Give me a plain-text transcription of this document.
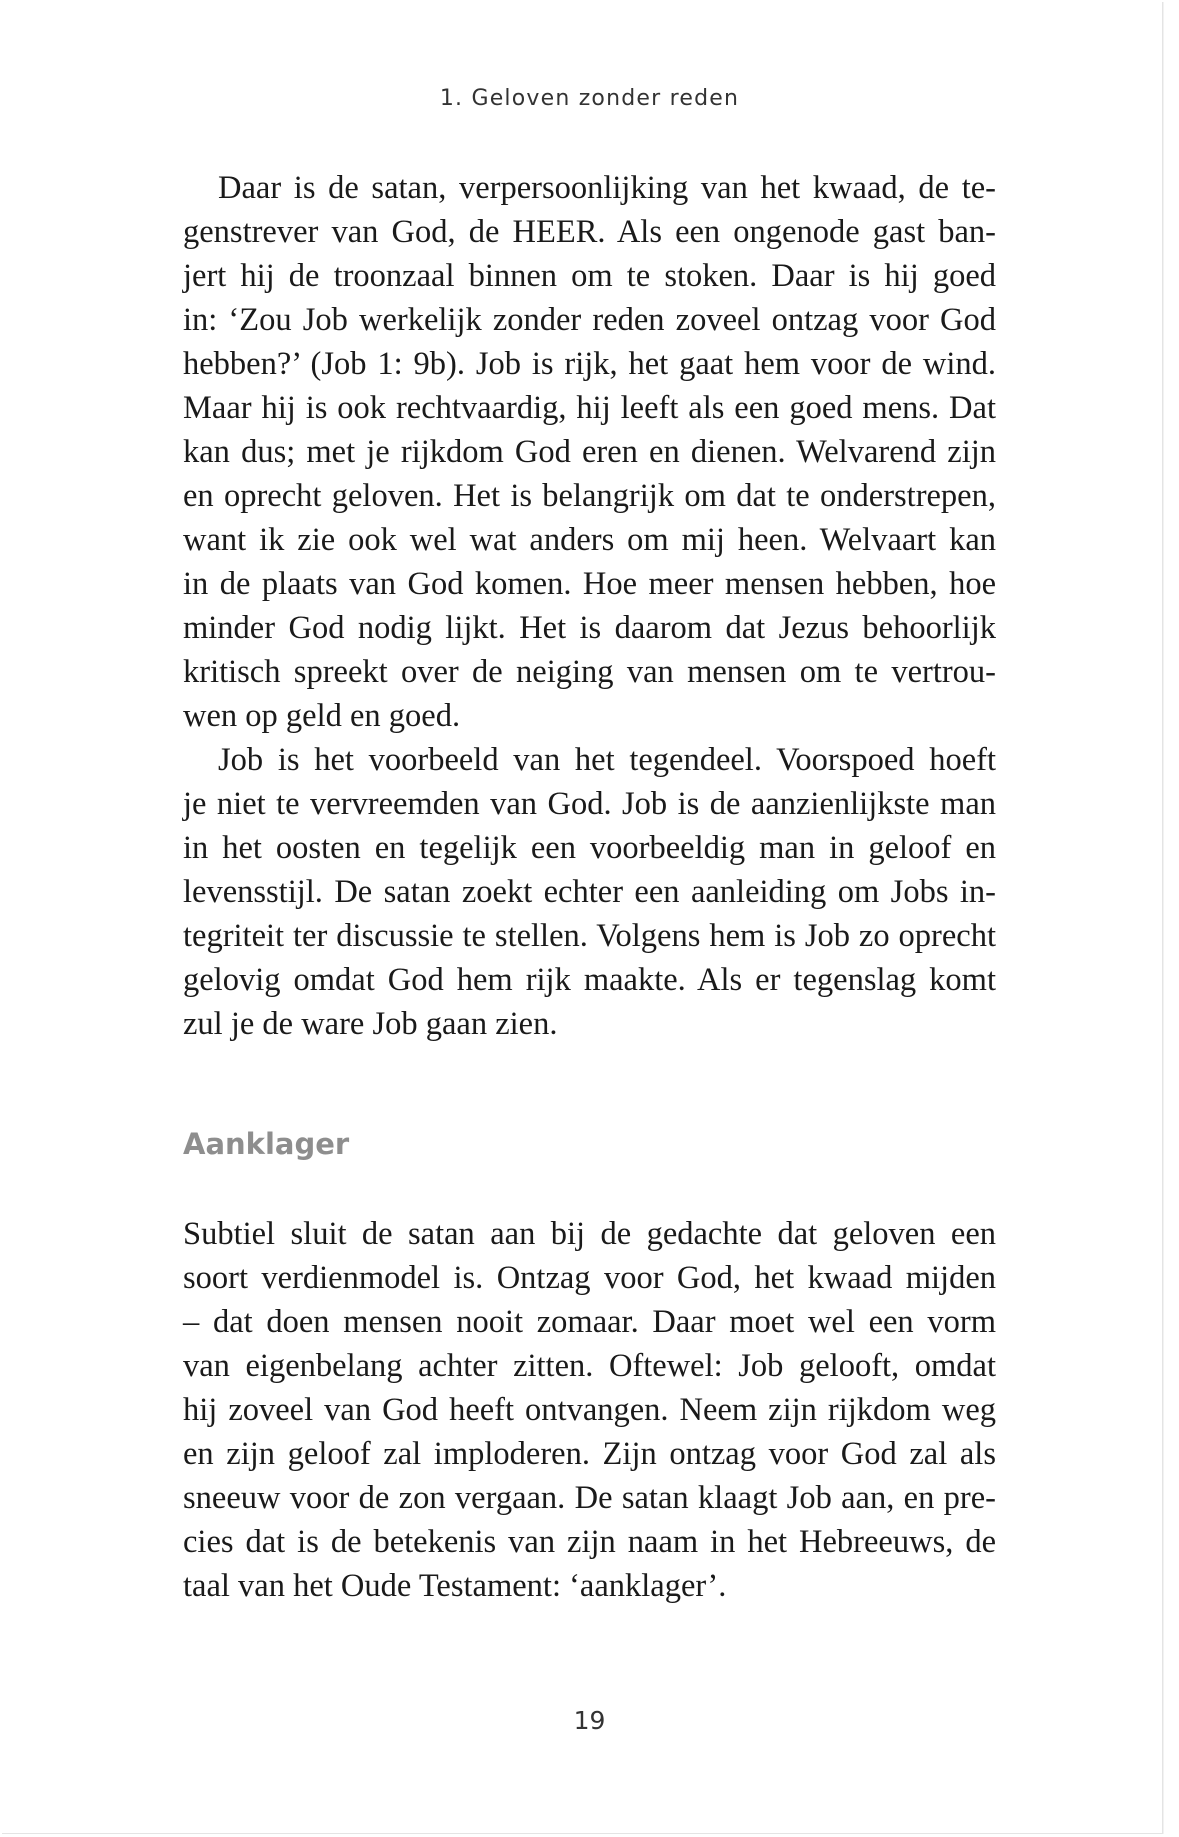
1. Geloven zonder reden
Daar is de satan, verpersoonlijking van het kwaad, de te-
genstrever van God, de HEER. Als een ongenode gast ban-
jert hij de troonzaal binnen om te stoken. Daar is hij goed
in: ‘Zou Job werkelijk zonder reden zoveel ontzag voor God
hebben?’ (Job 1: 9b). Job is rijk, het gaat hem voor de wind.
Maar hij is ook rechtvaardig, hij leeft als een goed mens. Dat
kan dus; met je rijkdom God eren en dienen. Welvarend zijn
en oprecht geloven. Het is belangrijk om dat te onderstrepen,
want ik zie ook wel wat anders om mij heen. Welvaart kan
in de plaats van God komen. Hoe meer mensen hebben, hoe
minder God nodig lijkt. Het is daarom dat Jezus behoorlijk
kritisch spreekt over de neiging van mensen om te vertrou-
wen op geld en goed.
Job is het voorbeeld van het tegendeel. Voorspoed hoeft
je niet te vervreemden van God. Job is de aanzienlijkste man
in het oosten en tegelijk een voorbeeldig man in geloof en
levensstijl. De satan zoekt echter een aanleiding om Jobs in-
tegriteit ter discussie te stellen. Volgens hem is Job zo oprecht
gelovig omdat God hem rijk maakte. Als er tegenslag komt
zul je de ware Job gaan zien.
Aanklager
Subtiel sluit de satan aan bij de gedachte dat geloven een
soort verdienmodel is. Ontzag voor God, het kwaad mijden
– dat doen mensen nooit zomaar. Daar moet wel een vorm
van eigenbelang achter zitten. Oftewel: Job gelooft, omdat
hij zoveel van God heeft ontvangen. Neem zijn rijkdom weg
en zijn geloof zal imploderen. Zijn ontzag voor God zal als
sneeuw voor de zon vergaan. De satan klaagt Job aan, en pre-
cies dat is de betekenis van zijn naam in het Hebreeuws, de
taal van het Oude Testament: ‘aanklager’.
19
